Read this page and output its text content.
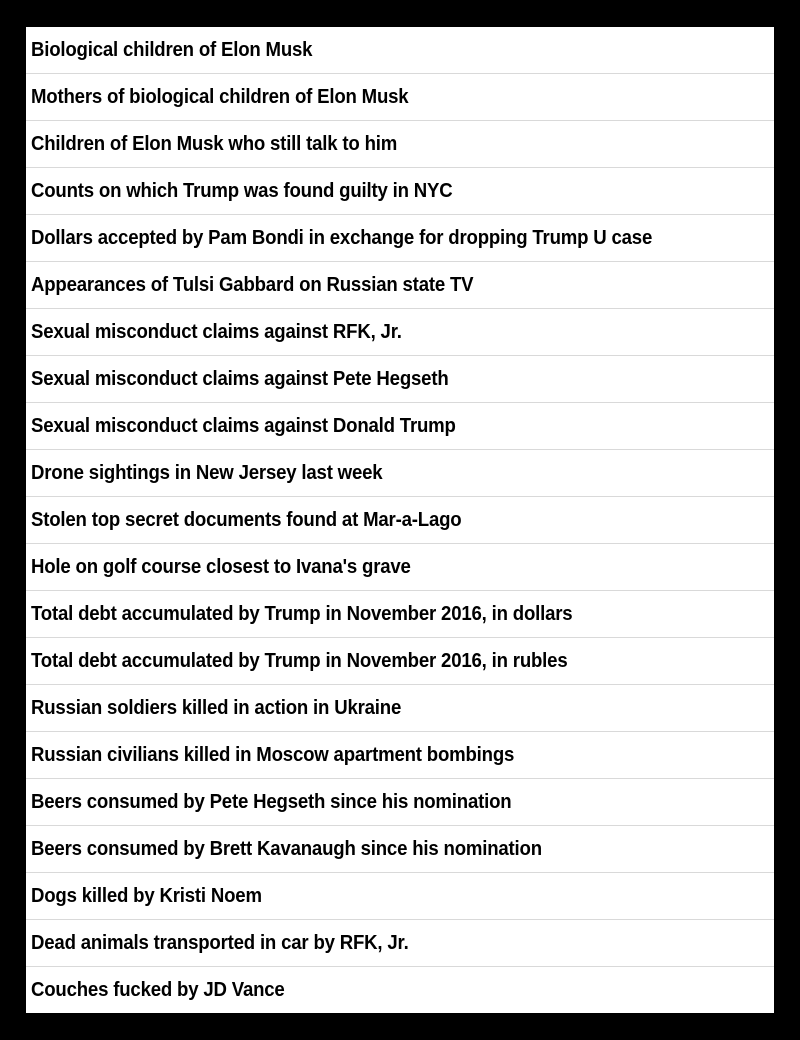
Biological children of Elon Musk
Mothers of biological children of Elon Musk
Children of Elon Musk who still talk to him
Counts on which Trump was found guilty in NYC
Dollars accepted by Pam Bondi in exchange for dropping Trump U case
Appearances of Tulsi Gabbard on Russian state TV
Sexual misconduct claims against RFK, Jr.
Sexual misconduct claims against Pete Hegseth
Sexual misconduct claims against Donald Trump
Drone sightings in New Jersey last week
Stolen top secret documents found at Mar-a-Lago
Hole on golf course closest to Ivana's grave
Total debt accumulated by Trump in November 2016, in dollars
Total debt accumulated by Trump in November 2016, in rubles
Russian soldiers killed in action in Ukraine
Russian civilians killed in Moscow apartment bombings
Beers consumed by Pete Hegseth since his nomination
Beers consumed by Brett Kavanaugh since his nomination
Dogs killed by Kristi Noem
Dead animals transported in car by RFK, Jr.
Couches fucked by JD Vance
